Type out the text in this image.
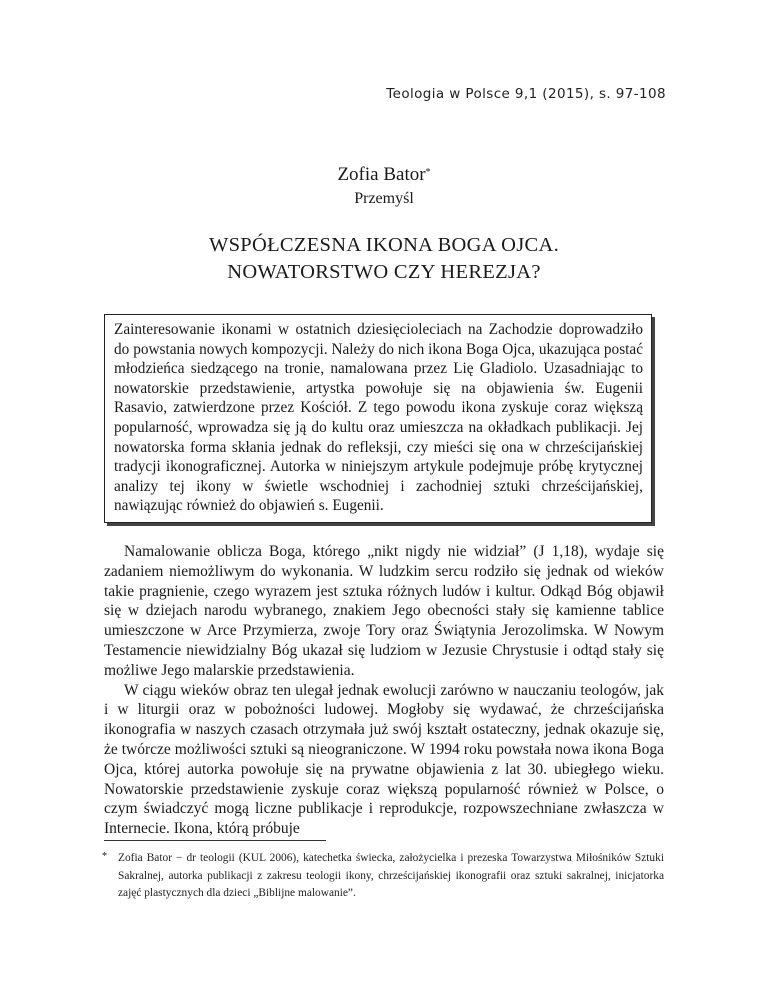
Teologia w Polsce 9,1 (2015), s. 97-108
Zofia Bator*
Przemyśl
WSPÓŁCZESNA IKONA BOGA OJCA.
NOWATORSTWO CZY HEREZJA?
Zainteresowanie ikonami w ostatnich dziesięcioleciach na Zachodzie doprowadziło do powstania nowych kompozycji. Należy do nich ikona Boga Ojca, ukazująca postać młodzieńca siedzącego na tronie, namalowana przez Lię Gladiolo. Uzasadniając to nowatorskie przedstawienie, artystka powołuje się na objawienia św. Eugenii Rasavio, zatwierdzone przez Kościół. Z tego powodu ikona zyskuje coraz większą popularność, wprowadza się ją do kultu oraz umieszcza na okładkach publikacji. Jej nowatorska forma skłania jednak do refleksji, czy mieści się ona w chrześcijańskiej tradycji ikonograficznej. Autorka w niniejszym artykule podejmuje próbę krytycznej analizy tej ikony w świetle wschodniej i zachodniej sztuki chrześcijańskiej, nawiązując również do objawień s. Eugenii.

Namalowanie oblicza Boga, którego „nikt nigdy nie widział” (J 1,18), wydaje się zadaniem niemożliwym do wykonania. W ludzkim sercu rodziło się jednak od wieków takie pragnienie, czego wyrazem jest sztuka różnych ludów i kultur. Odkąd Bóg objawił się w dziejach narodu wybranego, znakiem Jego obecności stały się kamienne tablice umieszczone w Arce Przymierza, zwoje Tory oraz Świątynia Jerozolimska. W Nowym Testamencie niewidzialny Bóg ukazał się ludziom w Jezusie Chrystusie i odtąd stały się możliwe Jego malarskie przedstawienia.

W ciągu wieków obraz ten ulegał jednak ewolucji zarówno w nauczaniu teologów, jak i w liturgii oraz w pobożności ludowej. Mogłoby się wydawać, że chrześcijańska ikonografia w naszych czasach otrzymała już swój kształt ostateczny, jednak okazuje się, że twórcze możliwości sztuki są nieograniczone. W 1994 roku powstała nowa ikona Boga Ojca, której autorka powołuje się na prywatne objawienia z lat 30. ubiegłego wieku. Nowatorskie przedstawienie zyskuje coraz większą popularność również w Polsce, o czym świadczyć mogą liczne publikacje i reprodukcje, rozpowszechniane zwłaszcza w Internecie. Ikona, którą próbuje

* Zofia Bator − dr teologii (KUL 2006), katechetka świecka, założycielka i prezeska Towarzystwa Miłośników Sztuki Sakralnej, autorka publikacji z zakresu teologii ikony, chrześcijańskiej ikonografii oraz sztuki sakralnej, inicjatorka zajęć plastycznych dla dzieci „Biblijne malowanie”.
